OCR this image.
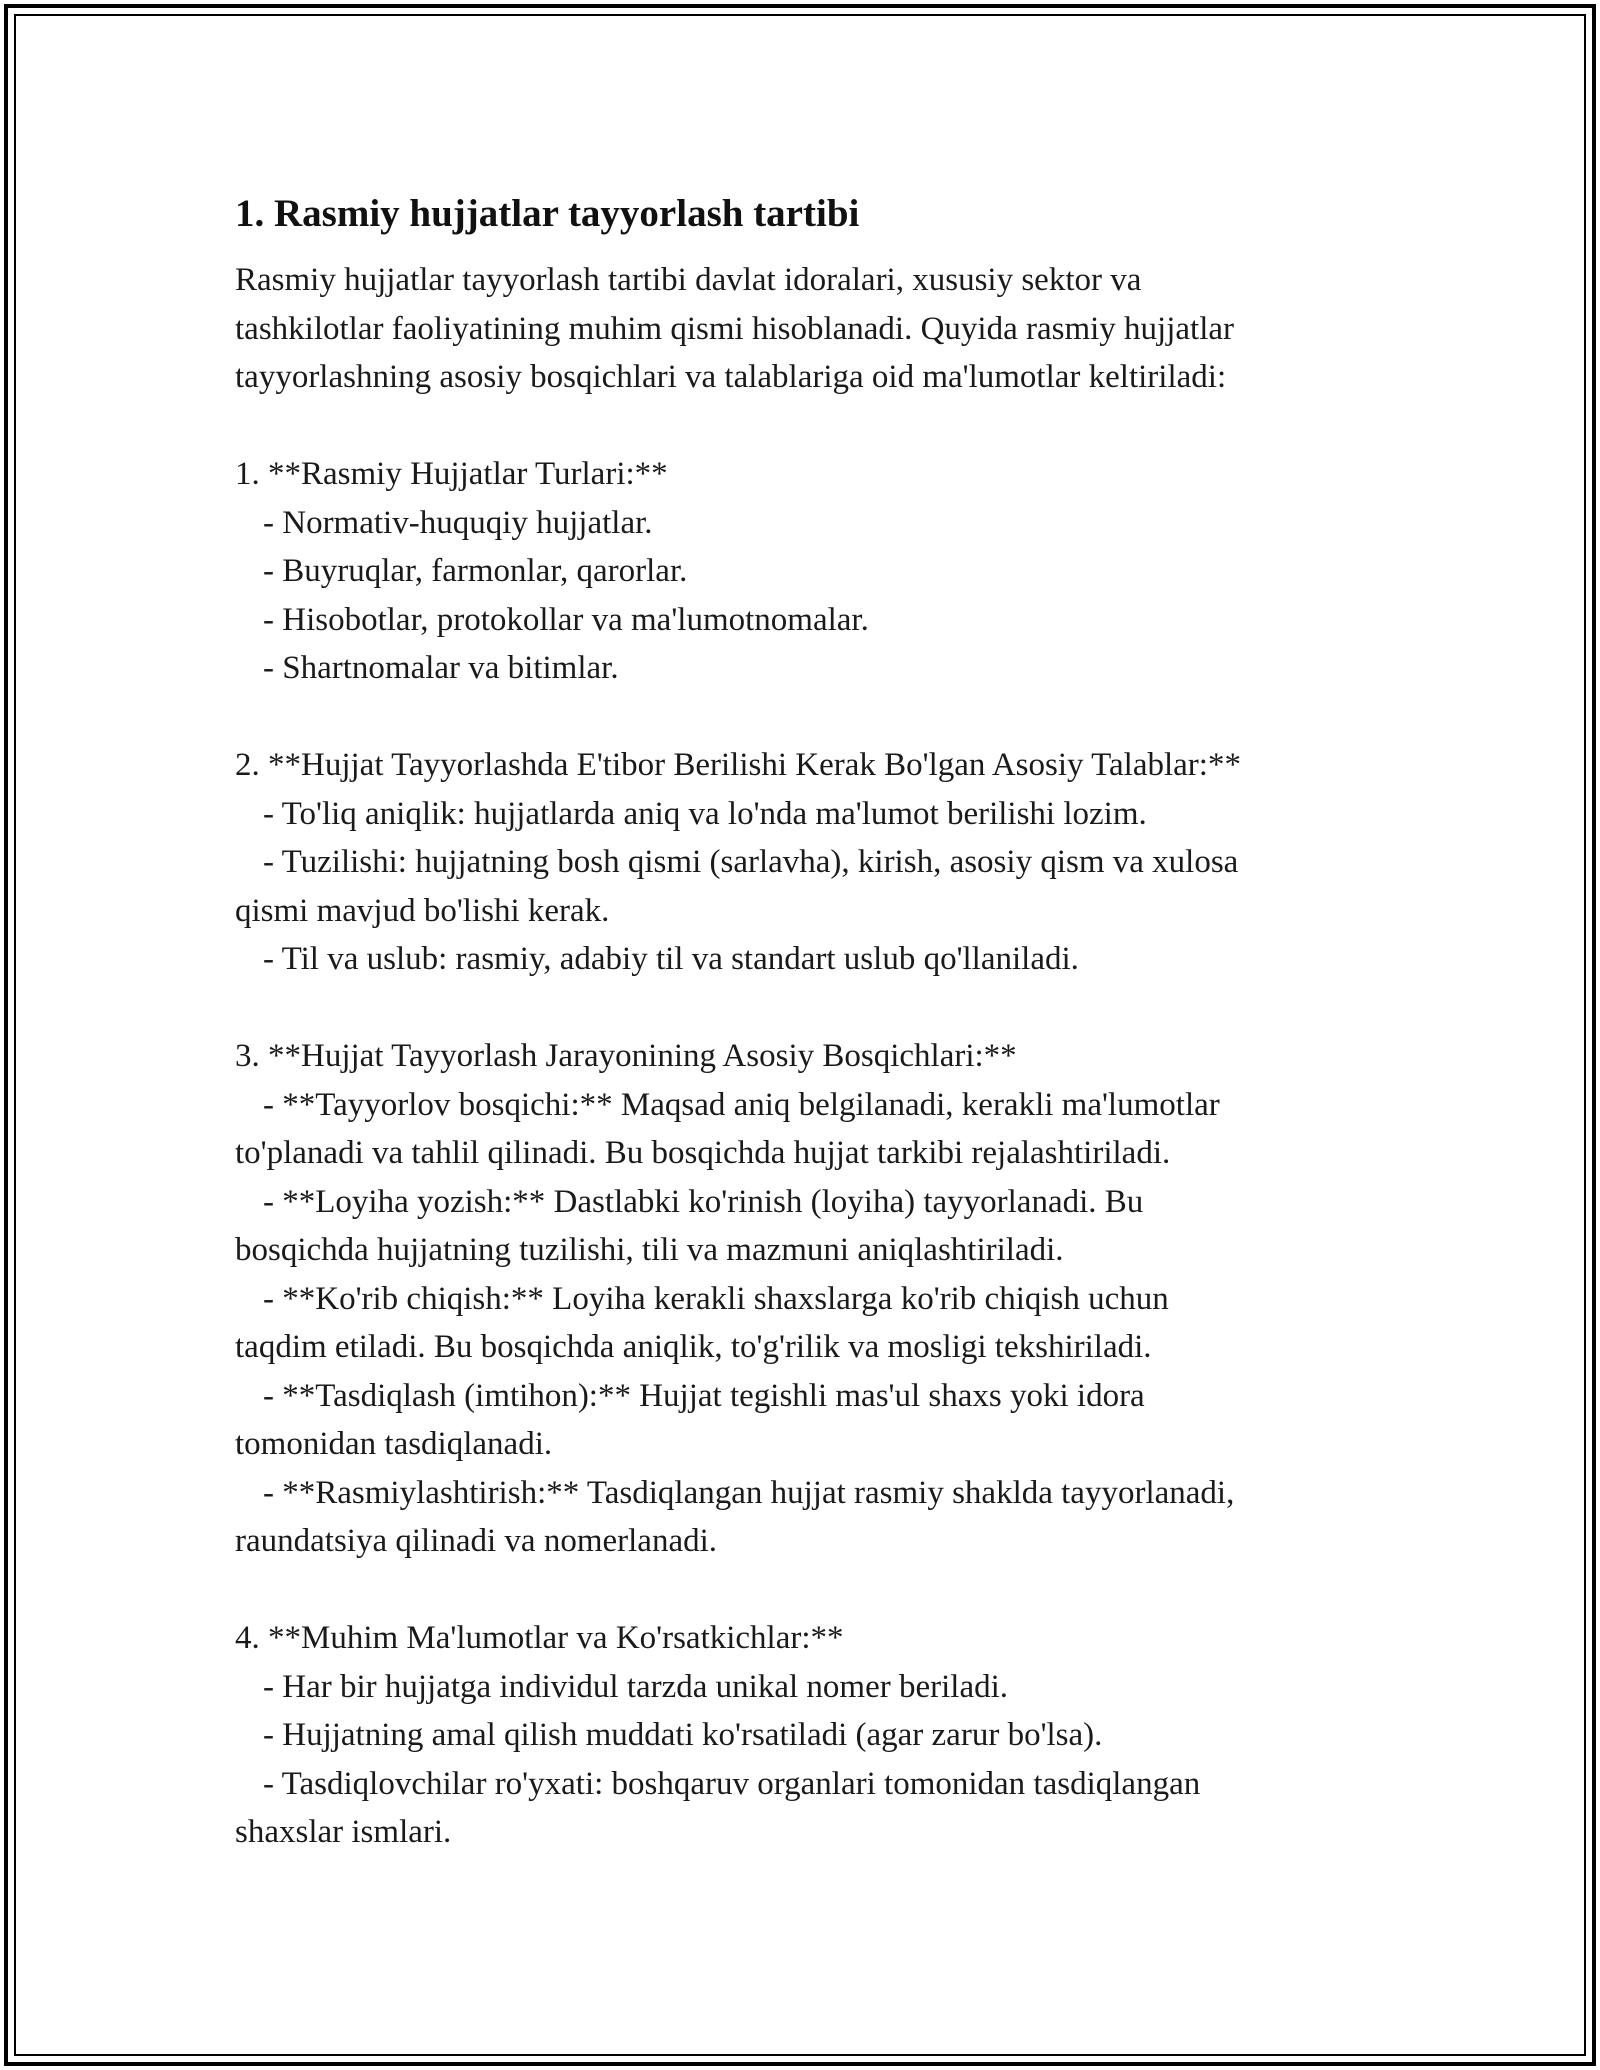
1. Rasmiy hujjatlar tayyorlash tartibi
Rasmiy hujjatlar tayyorlash tartibi davlat idoralari, xususiy sektor va
tashkilotlar faoliyatining muhim qismi hisoblanadi. Quyida rasmiy hujjatlar
tayyorlashning asosiy bosqichlari va talablariga oid ma'lumotlar keltiriladi:
1. **Rasmiy Hujjatlar Turlari:**
- Normativ-huquqiy hujjatlar.
- Buyruqlar, farmonlar, qarorlar.
- Hisobotlar, protokollar va ma'lumotnomalar.
- Shartnomalar va bitimlar.
2. **Hujjat Tayyorlashda E'tibor Berilishi Kerak Bo'lgan Asosiy Talablar:**
- To'liq aniqlik: hujjatlarda aniq va lo'nda ma'lumot berilishi lozim.
- Tuzilishi: hujjatning bosh qismi (sarlavha), kirish, asosiy qism va xulosa
qismi mavjud bo'lishi kerak.
- Til va uslub: rasmiy, adabiy til va standart uslub qo'llaniladi.
3. **Hujjat Tayyorlash Jarayonining Asosiy Bosqichlari:**
- **Tayyorlov bosqichi:** Maqsad aniq belgilanadi, kerakli ma'lumotlar
to'planadi va tahlil qilinadi. Bu bosqichda hujjat tarkibi rejalashtiriladi.
- **Loyiha yozish:** Dastlabki ko'rinish (loyiha) tayyorlanadi. Bu
bosqichda hujjatning tuzilishi, tili va mazmuni aniqlashtiriladi.
- **Ko'rib chiqish:** Loyiha kerakli shaxslarga ko'rib chiqish uchun
taqdim etiladi. Bu bosqichda aniqlik, to'g'rilik va mosligi tekshiriladi.
- **Tasdiqlash (imtihon):** Hujjat tegishli mas'ul shaxs yoki idora
tomonidan tasdiqlanadi.
- **Rasmiylashtirish:** Tasdiqlangan hujjat rasmiy shaklda tayyorlanadi,
raundatsiya qilinadi va nomerlanadi.
4. **Muhim Ma'lumotlar va Ko'rsatkichlar:**
- Har bir hujjatga individul tarzda unikal nomer beriladi.
- Hujjatning amal qilish muddati ko'rsatiladi (agar zarur bo'lsa).
- Tasdiqlovchilar ro'yxati: boshqaruv organlari tomonidan tasdiqlangan
shaxslar ismlari.
